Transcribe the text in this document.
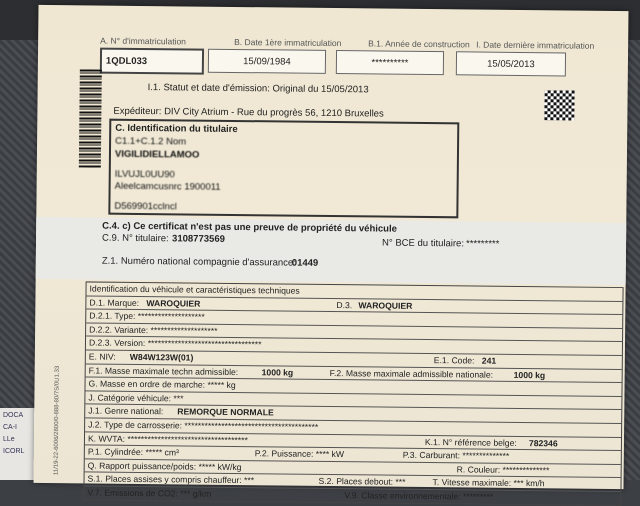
DOCA
CA-I
LLe
ICORL
A. N° d'immatriculation
1QDL033
B. Date 1ère immatriculation
15/09/1984
B.1. Année de construction
**********
I. Date dernière immatriculation
15/05/2013
I.1. Statut et date d'émission: Original du 15/05/2013
Expéditeur: DIV City Atrium - Rue du progrès 56, 1210 Bruxelles
C. Identification du titulaire
C1.1+C.1.2 Nom
VIGILIDIELLAMOO
ILVUJL0UU90
Aleelcamcusnrc 1900011
D569901cclncl
C.4. c) Ce certificat n'est pas une preuve de propriété du véhicule
C.9. N° titulaire: 3108773569	N° BCE du titulaire: *********
Z.1. Numéro national compagnie d'assurance:
01449
Identification du véhicule et caractéristiques techniques
D.1. Marque: WAROQUIER	D.3. WAROQUIER
D.2.1. Type: ********************
D.2.2. Variante: ********************
D.2.3. Version: **********************************
E. NIV: W84W123W(01)	E.1. Code: 241
F.1. Masse maximale techn admissible:	1000 kg	F.2. Masse maximale admissible nationale: 1000 kg
G. Masse en ordre de marche: ***** kg
J. Catégorie véhicule: ***
J.1. Genre national: REMORQUE NORMALE
J.2. Type de carrosserie: ****************************************
K. WVTA: ************************************	K.1. N° référence belge: 782346
P.1. Cylindrée: ***** cm³	P.2. Puissance: **** kW	P.3. Carburant: **************
Q. Rapport puissance/poids: ***** kW/kg	R. Couleur: **************
S.1. Places assises y compris chauffeur: ***	S.2. Places debout: ***	T. Vitesse maximale: *** km/h
V.7. Emissions de CO2: *** g/km	V.9. Classe environnementale: *********
11/19-22-6006/2800/0-888-80/7S/0U1.33
